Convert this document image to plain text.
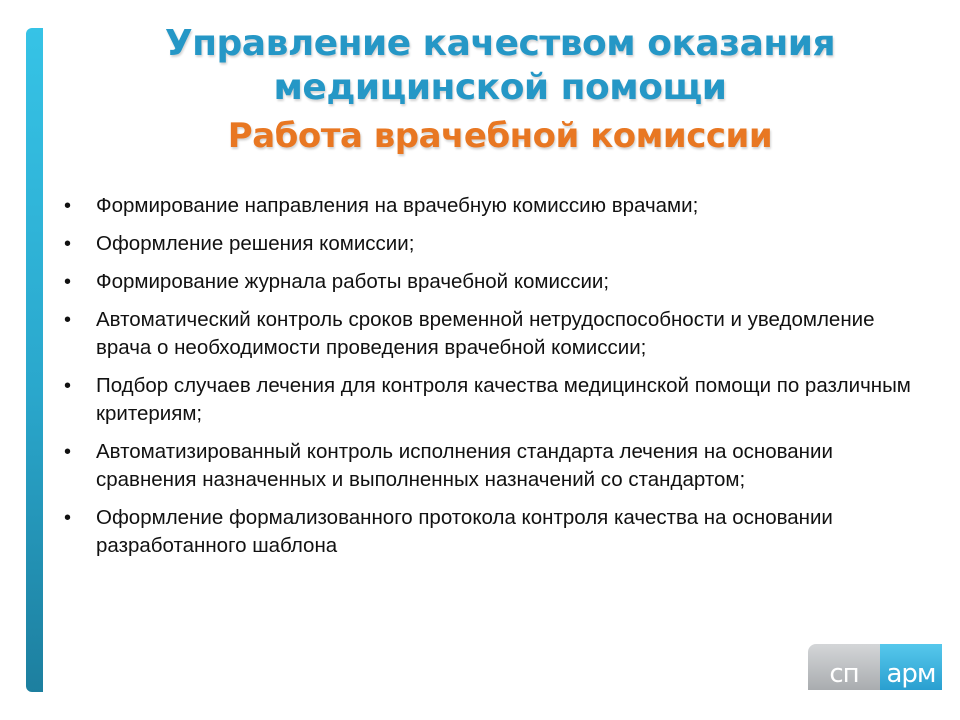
Управление качеством оказания
медицинской помощи
Работа врачебной комиссии
• Формирование направления на врачебную комиссию врачами;
• Оформление решения комиссии;
• Формирование журнала работы врачебной комиссии;
• Автоматический контроль сроков временной нетрудоспособности и уведомление врача о необходимости проведения врачебной комиссии;
• Подбор случаев лечения для контроля качества медицинской помощи по различным критериям;
• Автоматизированный контроль исполнения стандарта лечения на основании сравнения назначенных и выполненных назначений со стандартом;
• Оформление формализованного протокола контроля качества на основании разработанного шаблона
сп арм
